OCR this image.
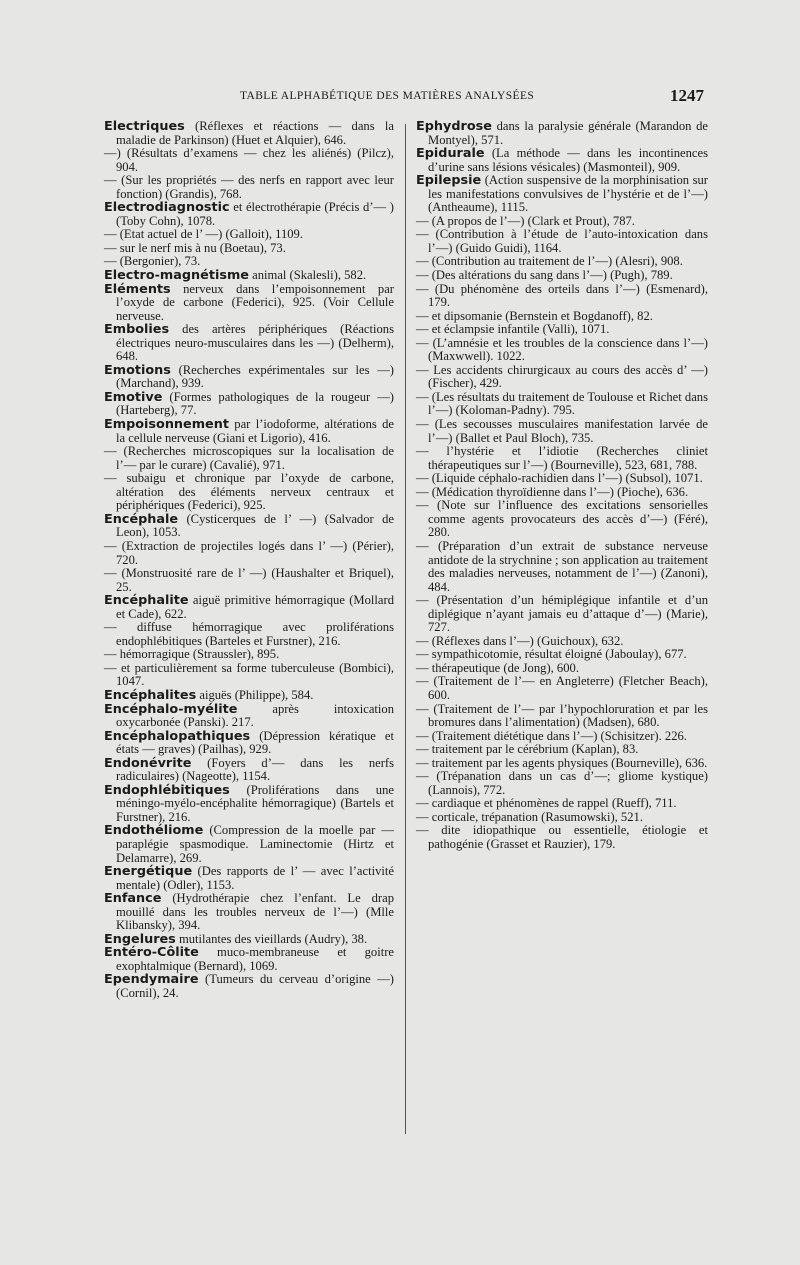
TABLE ALPHABÉTIQUE DES MATIÈRES ANALYSÉES	1247
Electriques (Réflexes et réactions — dans la maladie de Parkinson) (Huet et Alquier), 646.
—) (Résultats d’examens — chez les aliénés) (Pilcz), 904.
— (Sur les propriétés — des nerfs en rapport avec leur fonction) (Grandis), 768.
Electrodiagnostic et électrothérapie (Précis d’— ) (Toby Cohn), 1078.
— (Etat actuel de l’ —) (Galloit), 1109.
— sur le nerf mis à nu (Boetau), 73.
— (Bergonier), 73.
Electro-magnétisme animal (Skalesli), 582.
Eléments nerveux dans l’empoisonnement par l’oxyde de carbone (Federici), 925. (Voir Cellule nerveuse.
Embolies des artères périphériques (Réactions électriques neuro-musculaires dans les —) (Delherm), 648.
Emotions (Recherches expérimentales sur les —) (Marchand), 939.
Emotive (Formes pathologiques de la rougeur —) (Harteberg), 77.
Empoisonnement par l’iodoforme, altérations de la cellule nerveuse (Giani et Ligorio), 416.
— (Recherches microscopiques sur la localisation de l’— par le curare) (Cavalié), 971.
— subaigu et chronique par l’oxyde de carbone, altération des éléments nerveux centraux et périphériques (Federici), 925.
Encéphale (Cysticerques de l’ —) (Salvador de Leon), 1053.
— (Extraction de projectiles logés dans l’ —) (Périer), 720.
— (Monstruosité rare de l’ —) (Haushalter et Briquel), 25.
Encéphalite aiguë primitive hémorragique (Mollard et Cade), 622.
— diffuse hémorragique avec proliférations endophlébitiques (Barteles et Furstner), 216.
— hémorragique (Straussler), 895.
— et particulièrement sa forme tuberculeuse (Bombici), 1047.
Encéphalites aiguës (Philippe), 584.
Encéphalo-myélite après intoxication oxycarbonée (Panski). 217.
Encéphalopathiques (Dépression kératique et états — graves) (Pailhas), 929.
Endonévrite (Foyers d’— dans les nerfs radiculaires) (Nageotte), 1154.
Endophlébitiques (Proliférations dans une méningo-myélo-encéphalite hémorragique) (Bartels et Furstner), 216.
Endothéliome (Compression de la moelle par — paraplégie spasmodique. Laminectomie (Hirtz et Delamarre), 269.
Energétique (Des rapports de l’ — avec l’activité mentale) (Odler), 1153.
Enfance (Hydrothérapie chez l’enfant. Le drap mouillé dans les troubles nerveux de l’—) (Mlle Klibansky), 394.
Engelures mutilantes des vieillards (Audry), 38.
Entéro-Côlite muco-membraneuse et goitre exophtalmique (Bernard), 1069.
Ependymaire (Tumeurs du cerveau d’origine —) (Cornil), 24.
Ephydrose dans la paralysie générale (Marandon de Montyel), 571.
Epidurale (La méthode — dans les incontinences d’urine sans lésions vésicales) (Masmonteil), 909.
Epilepsie (Action suspensive de la morphinisation sur les manifestations convulsives de l’hystérie et de l’—) (Antheaume), 1115.
— (A propos de l’—) (Clark et Prout), 787.
— (Contribution à l’étude de l’auto-intoxication dans l’—) (Guido Guidi), 1164.
— (Contribution au traitement de l’—) (Alesri), 908.
— (Des altérations du sang dans l’—) (Pugh), 789.
— (Du phénomène des orteils dans l’—) (Esmenard), 179.
— et dipsomanie (Bernstein et Bogdanoff), 82.
— et éclampsie infantile (Valli), 1071.
— (L’amnésie et les troubles de la conscience dans l’—) (Maxwwell). 1022.
— Les accidents chirurgicaux au cours des accès d’ —) (Fischer), 429.
— (Les résultats du traitement de Toulouse et Richet dans l’—) (Koloman-Padny). 795.
— (Les secousses musculaires manifestation larvée de l’—) (Ballet et Paul Bloch), 735.
— l’hystérie et l’idiotie (Recherches cliniet thérapeutiques sur l’—) (Bourneville), 523, 681, 788.
— (Liquide céphalo-rachidien dans l’—) (Subsol), 1071.
— (Médication thyroïdienne dans l’—) (Pioche), 636.
— (Note sur l’influence des excitations sensorielles comme agents provocateurs des accès d’—) (Féré), 280.
— (Préparation d’un extrait de substance nerveuse antidote de la strychnine ; son application au traitement des maladies nerveuses, notamment de l’—) (Zanoni), 484.
— (Présentation d’un hémiplégique infantile et d’un diplégique n’ayant jamais eu d’attaque d’—) (Marie), 727.
— (Réflexes dans l’—) (Guichoux), 632.
— sympathicotomie, résultat éloigné (Jaboulay), 677.
— thérapeutique (de Jong), 600.
— (Traitement de l’— en Angleterre) (Fletcher Beach), 600.
— (Traitement de l’— par l’hypochloruration et par les bromures dans l’alimentation) (Madsen), 680.
— (Traitement diététique dans l’—) (Schisitzer). 226.
— traitement par le cérébrium (Kaplan), 83.
— traitement par les agents physiques (Bourneville), 636.
— (Trépanation dans un cas d’—; gliome kystique) (Lannois), 772.
— cardiaque et phénomènes de rappel (Rueff), 711.
— corticale, trépanation (Rasumowski), 521.
— dite idiopathique ou essentielle, étiologie et pathogénie (Grasset et Rauzier), 179.
